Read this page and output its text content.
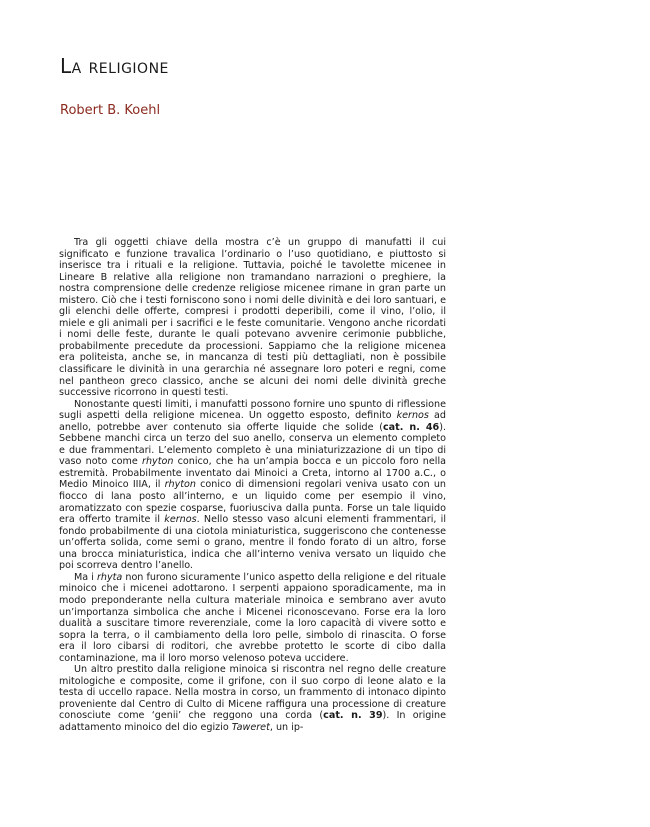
La religione
Robert B. Koehl

Tra gli oggetti chiave della mostra c’è un gruppo di manufatti il cui significato e funzione travalica l’ordinario o l’uso quotidiano, e piuttosto si inserisce tra i rituali e la religione. Tuttavia, poiché le tavolette micenee in Lineare B relative alla religione non tramandano narrazioni o preghiere, la nostra comprensione delle credenze religiose micenee rimane in gran parte un mistero. Ciò che i testi forniscono sono i nomi delle divinità e dei loro santuari, e gli elenchi delle offerte, compresi i prodotti deperibili, come il vino, l’olio, il miele e gli animali per i sacrifici e le feste comunitarie. Vengono anche ricordati i nomi delle feste, durante le quali potevano avvenire cerimonie pubbliche, probabilmente precedute da processioni. Sappiamo che la religione micenea era politeista, anche se, in mancanza di testi più dettagliati, non è possibile classificare le divinità in una gerarchia né assegnare loro poteri e regni, come nel pantheon greco classico, anche se alcuni dei nomi delle divinità greche successive ricorrono in questi testi.

Nonostante questi limiti, i manufatti possono fornire uno spunto di riflessione sugli aspetti della religione micenea. Un oggetto esposto, definito kernos ad anello, potrebbe aver contenuto sia offerte liquide che solide (cat. n. 46). Sebbene manchi circa un terzo del suo anello, conserva un elemento completo e due frammentari. L’elemento completo è una miniaturizzazione di un tipo di vaso noto come rhyton conico, che ha un’ampia bocca e un piccolo foro nella estremità. Probabilmente inventato dai Minoici a Creta, intorno al 1700 a.C., o Medio Minoico IIIA, il rhyton conico di dimensioni regolari veniva usato con un fiocco di lana posto all’interno, e un liquido come per esempio il vino, aromatizzato con spezie cosparse, fuoriusciva dalla punta. Forse un tale liquido era offerto tramite il kernos. Nello stesso vaso alcuni elementi frammentari, il fondo probabilmente di una ciotola miniaturistica, suggeriscono che contenesse un’offerta solida, come semi o grano, mentre il fondo forato di un altro, forse una brocca miniaturistica, indica che all’interno veniva versato un liquido che poi scorreva dentro l’anello.

Ma i rhyta non furono sicuramente l’unico aspetto della religione e del rituale minoico che i micenei adottarono. I serpenti appaiono sporadicamente, ma in modo preponderante nella cultura materiale minoica e sembrano aver avuto un’importanza simbolica che anche i Micenei riconoscevano. Forse era la loro dualità a suscitare timore reverenziale, come la loro capacità di vivere sotto e sopra la terra, o il cambiamento della loro pelle, simbolo di rinascita. O forse era il loro cibarsi di roditori, che avrebbe protetto le scorte di cibo dalla contaminazione, ma il loro morso velenoso poteva uccidere.

Un altro prestito dalla religione minoica si riscontra nel regno delle creature mitologiche e composite, come il grifone, con il suo corpo di leone alato e la testa di uccello rapace. Nella mostra in corso, un frammento di intonaco dipinto proveniente dal Centro di Culto di Micene raffigura una processione di creature conosciute come ‘genii’ che reggono una corda (cat. n. 39). In origine adattamento minoico del dio egizio Taweret, un ip-
